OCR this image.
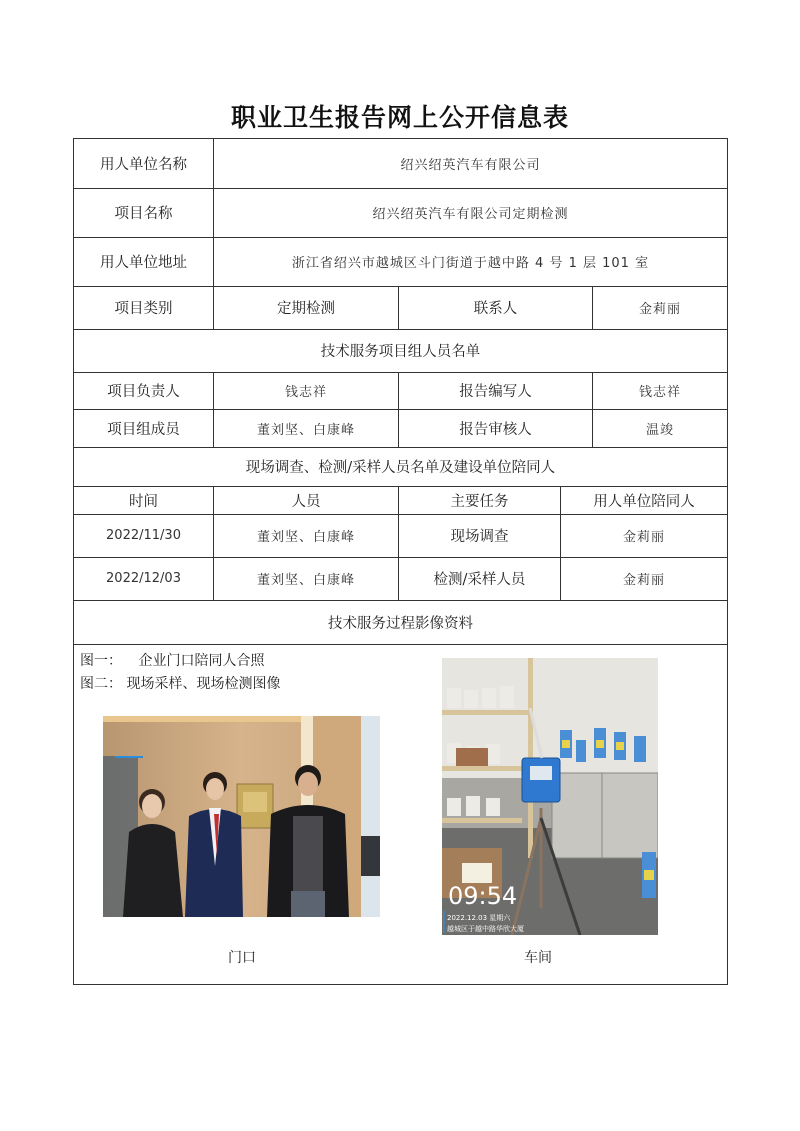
职业卫生报告网上公开信息表
用人单位名称	绍兴绍英汽车有限公司
项目名称	绍兴绍英汽车有限公司定期检测
用人单位地址	浙江省绍兴市越城区斗门街道于越中路 4 号 1 层 101 室
项目类别	定期检测	联系人	金莉丽
技术服务项目组人员名单
项目负责人	钱志祥	报告编写人	钱志祥
项目组成员	董刘坚、白康峰	报告审核人	温竣
现场调查、检测/采样人员名单及建设单位陪同人
时间	人员	主要任务	用人单位陪同人
2022/11/30	董刘坚、白康峰	现场调查	金莉丽
2022/12/03	董刘坚、白康峰	检测/采样人员	金莉丽
技术服务过程影像资料
图一： 企业门口陪同人合照
图二： 现场采样、现场检测图像
09:54
2022.12.03 星期六
越城区于越中路华欣大厦
门口	车间
